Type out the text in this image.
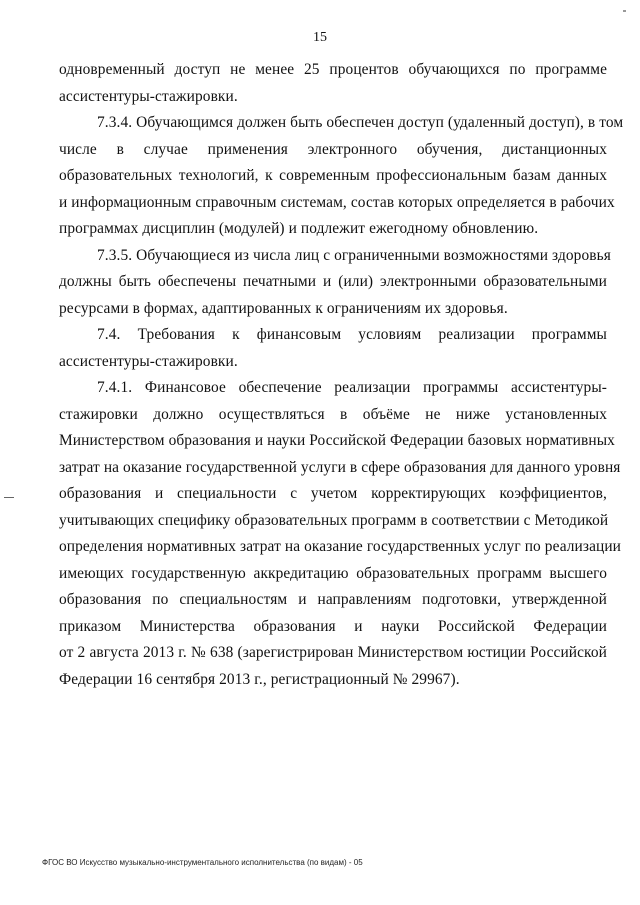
15

одновременный доступ не менее 25 процентов обучающихся по программе
ассистентуры-стажировки.

7.3.4. Обучающимся должен быть обеспечен доступ (удаленный доступ), в том
числе в случае применения электронного обучения, дистанционных
образовательных технологий, к современным профессиональным базам данных
и информационным справочным системам, состав которых определяется в рабочих
программах дисциплин (модулей) и подлежит ежегодному обновлению.

7.3.5. Обучающиеся из числа лиц с ограниченными возможностями здоровья
должны быть обеспечены печатными и (или) электронными образовательными
ресурсами в формах, адаптированных к ограничениям их здоровья.

7.4. Требования к финансовым условиям реализации программы
ассистентуры-стажировки.

7.4.1. Финансовое обеспечение реализации программы ассистентуры-
стажировки должно осуществляться в объёме не ниже установленных
Министерством образования и науки Российской Федерации базовых нормативных
затрат на оказание государственной услуги в сфере образования для данного уровня
образования и специальности с учетом корректирующих коэффициентов,
учитывающих специфику образовательных программ в соответствии с Методикой
определения нормативных затрат на оказание государственных услуг по реализации
имеющих государственную аккредитацию образовательных программ высшего
образования по специальностям и направлениям подготовки, утвержденной
приказом Министерства образования и науки Российской Федерации
от 2 августа 2013 г. № 638 (зарегистрирован Министерством юстиции Российской
Федерации 16 сентября 2013 г., регистрационный № 29967).

ФГОС ВО Искусство музыкально-инструментального исполнительства (по видам) - 05
